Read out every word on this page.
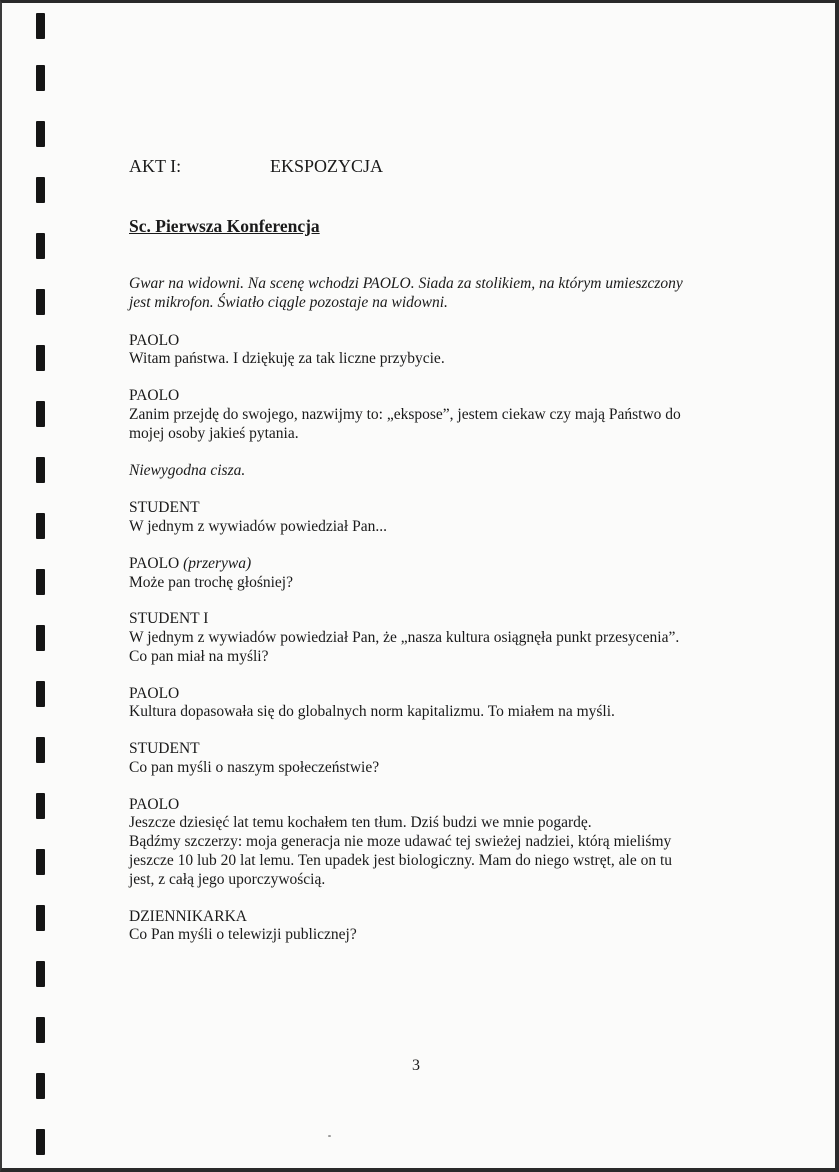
AKT I:	EKSPOZYCJA
Sc. Pierwsza Konferencja
Gwar na widowni. Na scenę wchodzi PAOLO. Siada za stolikiem, na którym umieszczony
jest mikrofon. Światło ciągle pozostaje na widowni.
PAOLO
Witam państwa. I dziękuję za tak liczne przybycie.
PAOLO
Zanim przejdę do swojego, nazwijmy to: „ekspose”, jestem ciekaw czy mają Państwo do
mojej osoby jakieś pytania.
Niewygodna cisza.
STUDENT
W jednym z wywiadów powiedział Pan...
PAOLO (przerywa)
Może pan trochę głośniej?
STUDENT I
W jednym z wywiadów powiedział Pan, że „nasza kultura osiągnęła punkt przesycenia”.
Co pan miał na myśli?
PAOLO
Kultura dopasowała się do globalnych norm kapitalizmu. To miałem na myśli.
STUDENT
Co pan myśli o naszym społeczeństwie?
PAOLO
Jeszcze dziesięć lat temu kochałem ten tłum. Dziś budzi we mnie pogardę.
Bądźmy szczerzy: moja generacja nie moze udawać tej swieżej nadziei, którą mieliśmy
jeszcze 10 lub 20 lat lemu. Ten upadek jest biologiczny. Mam do niego wstręt, ale on tu
jest, z całą jego uporczywością.
DZIENNIKARKA
Co Pan myśli o telewizji publicznej?
3
